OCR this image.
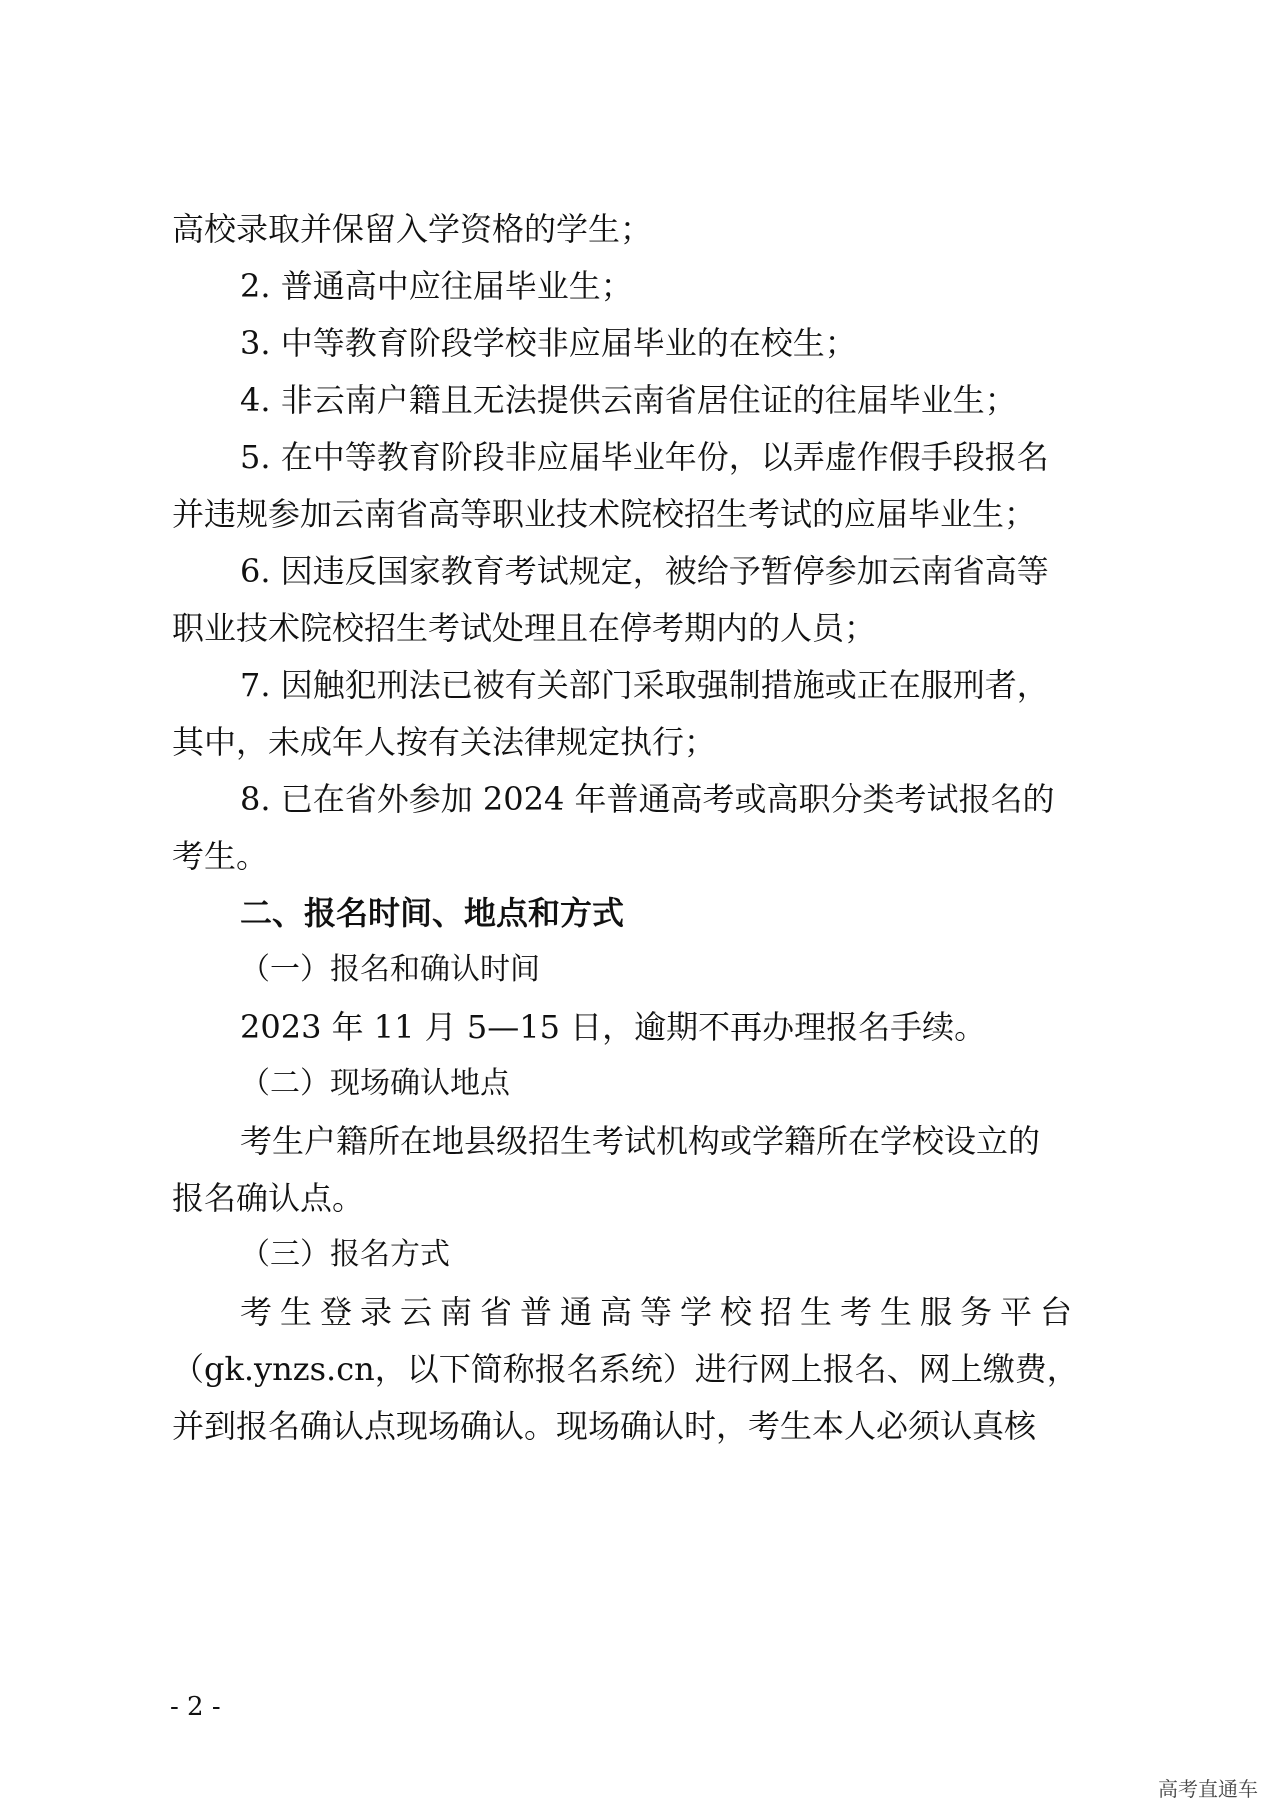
高校录取并保留入学资格的学生；
2. 普通高中应往届毕业生；
3. 中等教育阶段学校非应届毕业的在校生；
4. 非云南户籍且无法提供云南省居住证的往届毕业生；
5. 在中等教育阶段非应届毕业年份，以弄虚作假手段报名
并违规参加云南省高等职业技术院校招生考试的应届毕业生；
6. 因违反国家教育考试规定，被给予暂停参加云南省高等
职业技术院校招生考试处理且在停考期内的人员；
7. 因触犯刑法已被有关部门采取强制措施或正在服刑者，
其中，未成年人按有关法律规定执行；
8. 已在省外参加 2024 年普通高考或高职分类考试报名的
考生。
二、报名时间、地点和方式
（一）报名和确认时间
2023 年 11 月 5—15 日，逾期不再办理报名手续。
（二）现场确认地点
考生户籍所在地县级招生考试机构或学籍所在学校设立的
报名确认点。
（三）报名方式
考生登录云南省普通高等学校招生考生服务平台
（gk.ynzs.cn，以下简称报名系统）进行网上报名、网上缴费，
并到报名确认点现场确认。现场确认时，考生本人必须认真核
- 2 -
高考直通车
